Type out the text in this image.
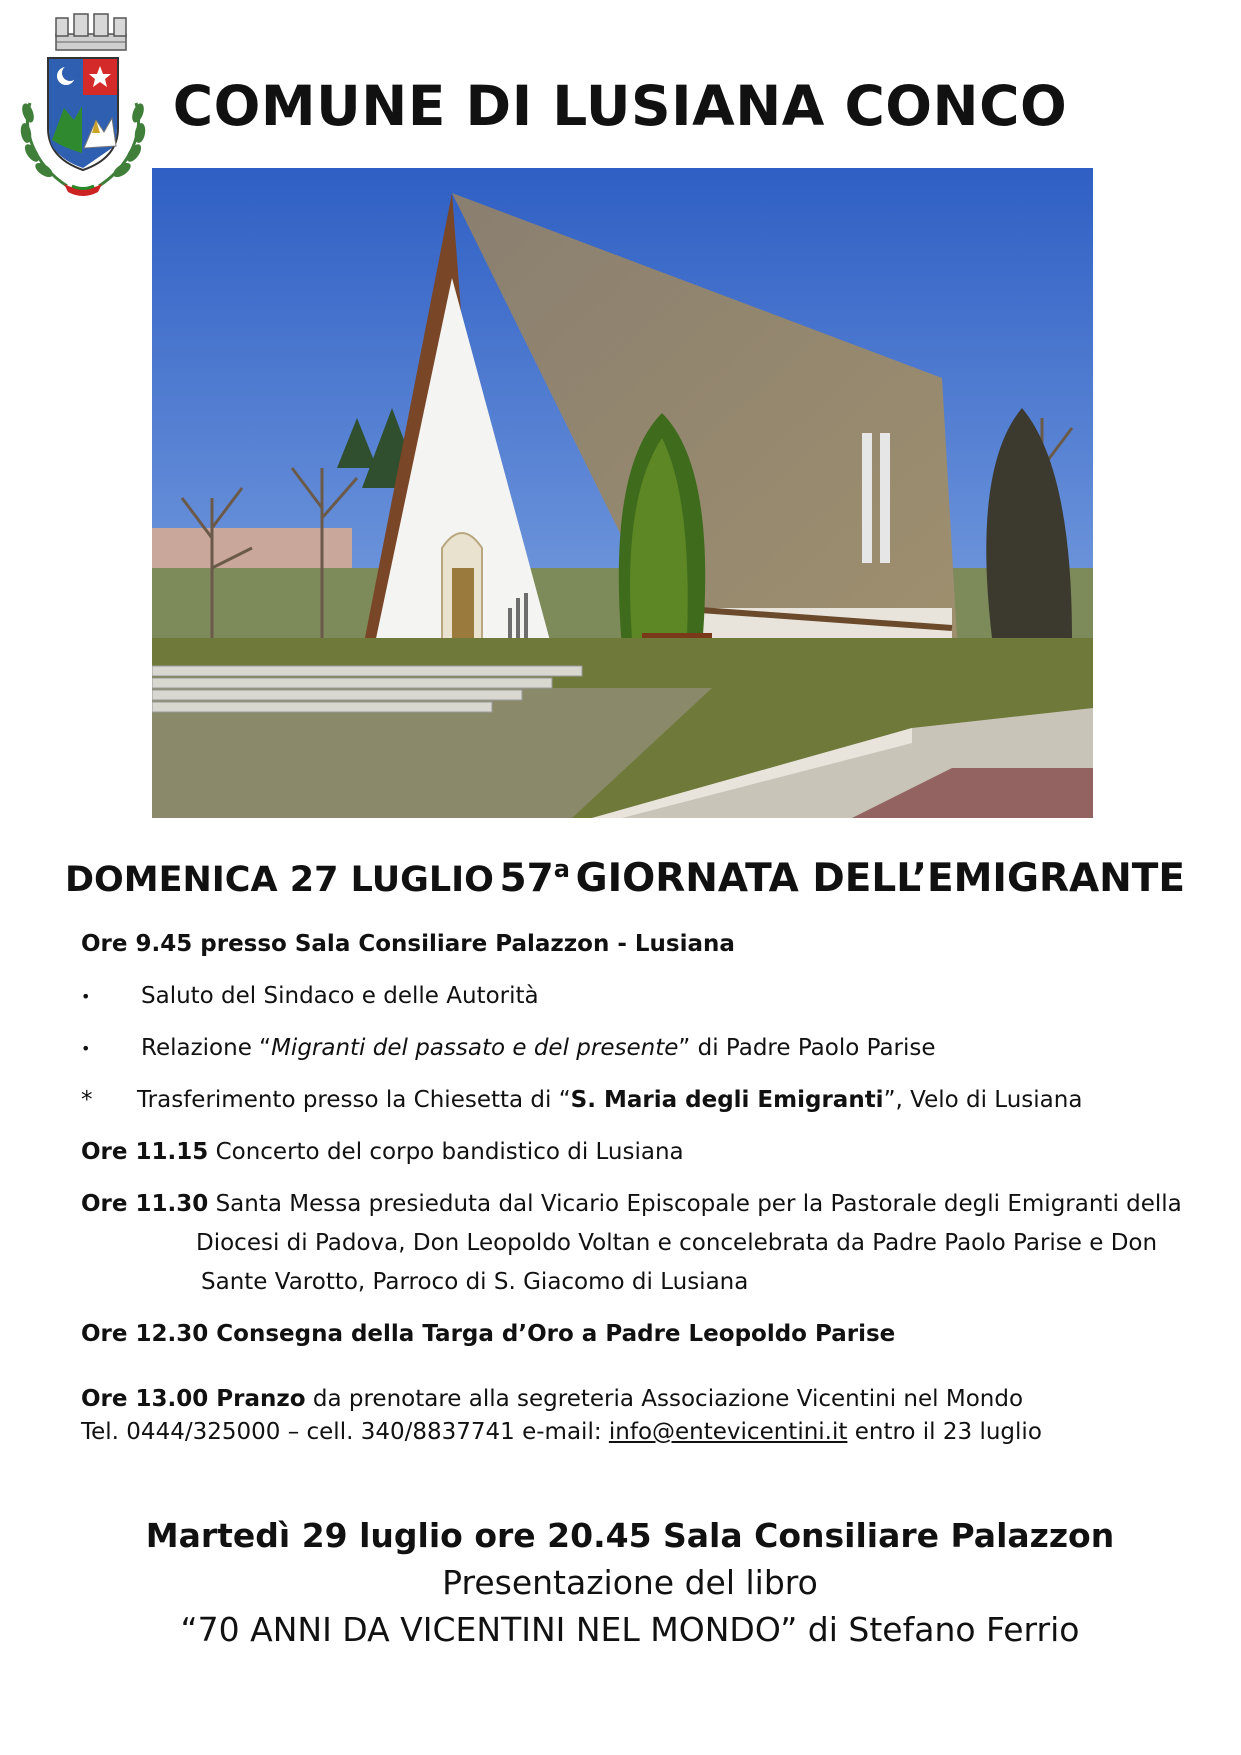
COMUNE DI LUSIANA CONCO
DOMENICA 27 LUGLIO 57$^a$ GIORNATA DELL’EMIGRANTE
Ore 9.45 presso Sala Consiliare Palazzon - Lusiana
• Saluto del Sindaco e delle Autorità
• Relazione “Migranti del passato e del presente” di Padre Paolo Parise
* Trasferimento presso la Chiesetta di “S. Maria degli Emigranti”, Velo di Lusiana
Ore 11.15 Concerto del corpo bandistico di Lusiana
Ore 11.30 Santa Messa presieduta dal Vicario Episcopale per la Pastorale degli Emigranti della
Diocesi di Padova, Don Leopoldo Voltan e concelebrata da Padre Paolo Parise e Don
Sante Varotto, Parroco di S. Giacomo di Lusiana
Ore 12.30 Consegna della Targa d’Oro a Padre Leopoldo Parise
Ore 13.00 Pranzo da prenotare alla segreteria Associazione Vicentini nel Mondo
Tel. 0444/325000 – cell. 340/8837741 e-mail: info@entevicentini.it entro il 23 luglio
Martedì 29 luglio ore 20.45 Sala Consiliare Palazzon
Presentazione del libro
“70 ANNI DA VICENTINI NEL MONDO” di Stefano Ferrio
